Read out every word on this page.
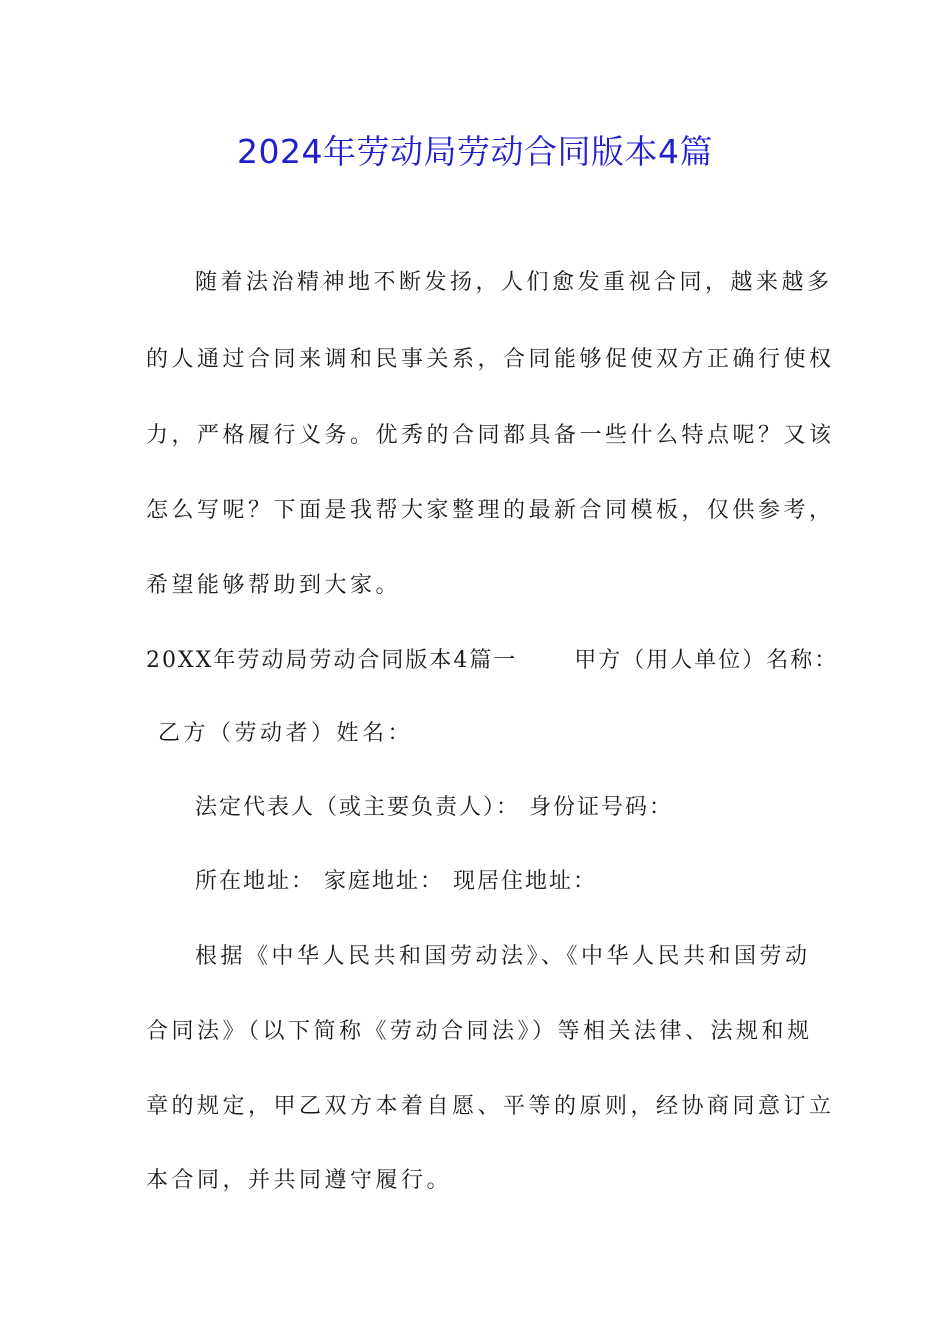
2024年劳动局劳动合同版本4篇
随着法治精神地不断发扬，人们愈发重视合同，越来越多
的人通过合同来调和民事关系，合同能够促使双方正确行使权
力，严格履行义务。优秀的合同都具备一些什么特点呢？又该
怎么写呢？下面是我帮大家整理的最新合同模板，仅供参考，
希望能够帮助到大家。
20XX年劳动局劳动合同版本4篇一　　 甲方（用人单位）名称：
乙方（劳动者）姓名：
法定代表人（或主要负责人）： 身份证号码：
所在地址： 家庭地址： 现居住地址：
根据《中华人民共和国劳动法》、《中华人民共和国劳动
合同法》（以下简称《劳动合同法》）等相关法律、法规和规
章的规定，甲乙双方本着自愿、平等的原则，经协商同意订立
本合同，并共同遵守履行。
